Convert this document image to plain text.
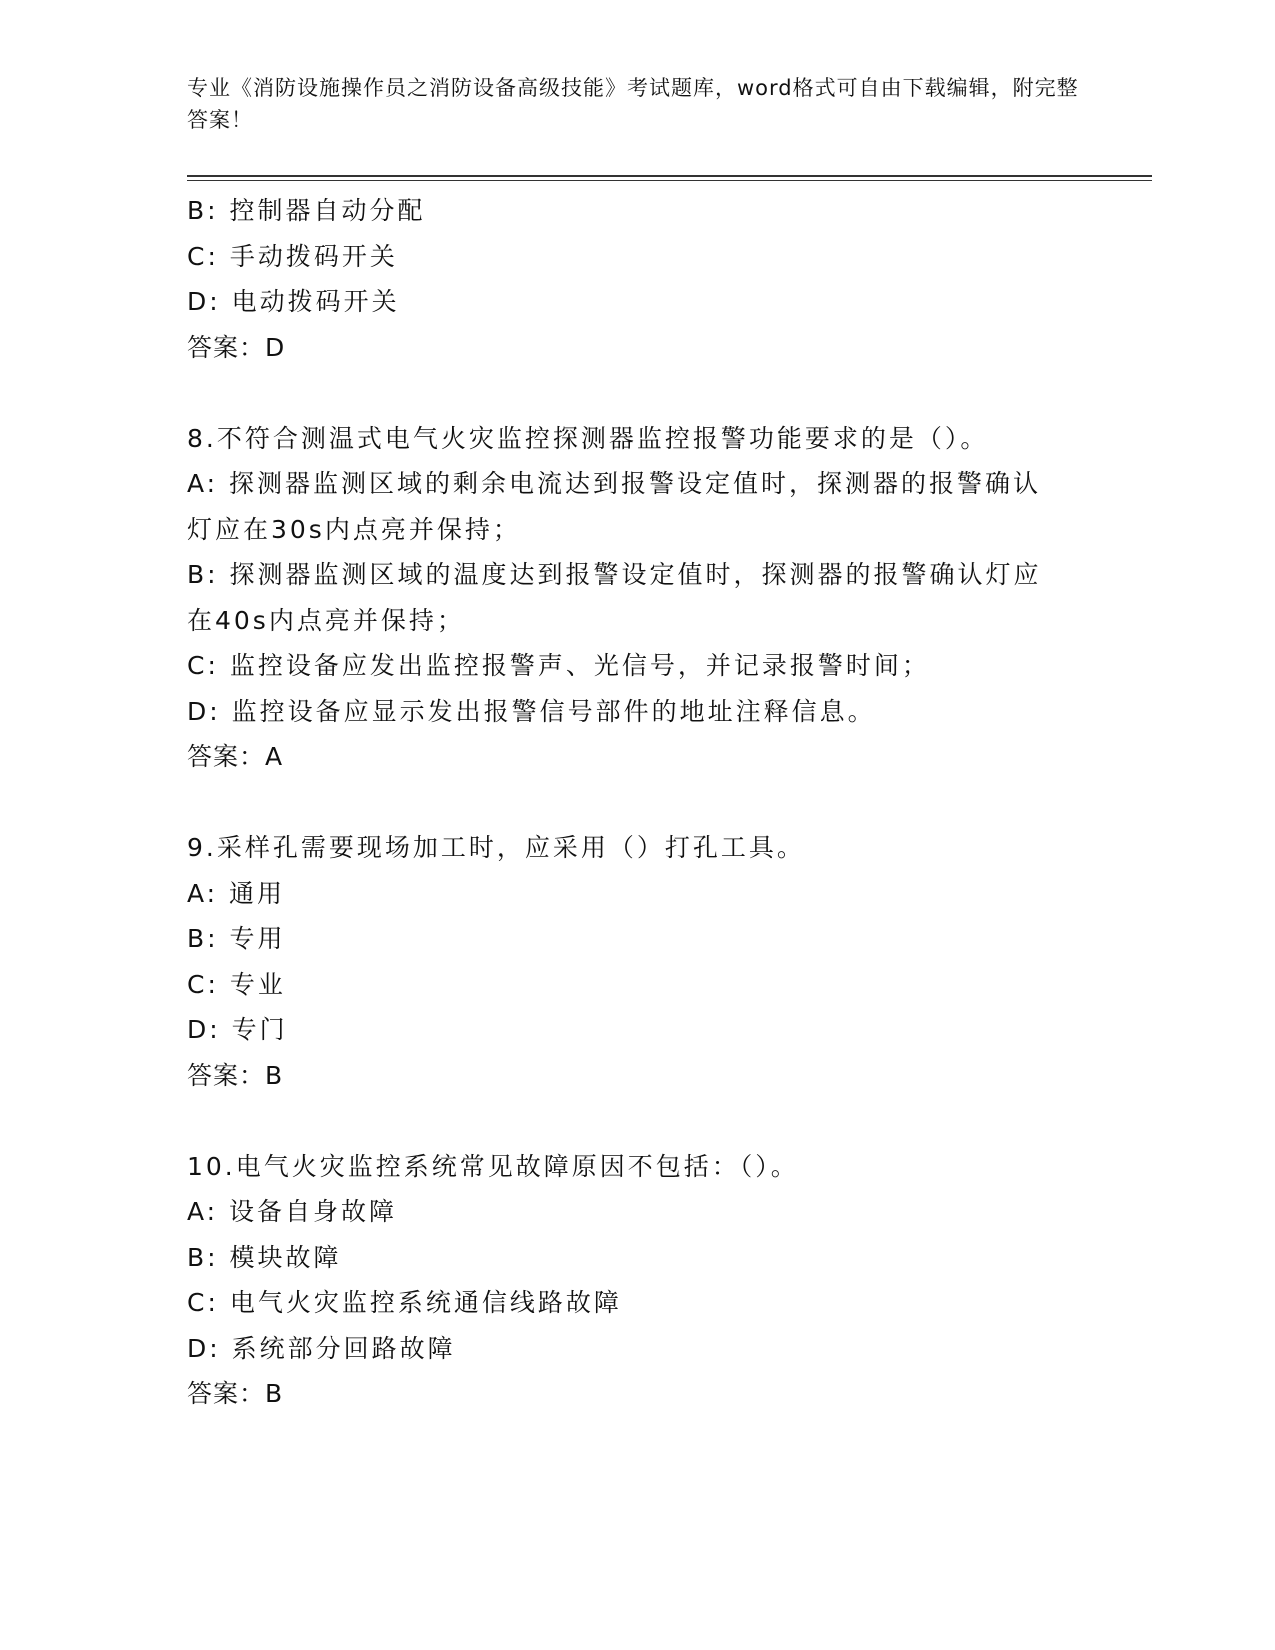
专业《消防设施操作员之消防设备高级技能》考试题库，word格式可自由下载编辑，附完整答案！
B: 控制器自动分配
C: 手动拨码开关
D: 电动拨码开关
答案：D
8.不符合测温式电气火灾监控探测器监控报警功能要求的是（）。
A: 探测器监测区域的剩余电流达到报警设定值时，探测器的报警确认
灯应在30s内点亮并保持；
B: 探测器监测区域的温度达到报警设定值时，探测器的报警确认灯应
在40s内点亮并保持；
C: 监控设备应发出监控报警声、光信号，并记录报警时间；
D: 监控设备应显示发出报警信号部件的地址注释信息。
答案：A
9.采样孔需要现场加工时，应采用（）打孔工具。
A: 通用
B: 专用
C: 专业
D: 专门
答案：B
10.电气火灾监控系统常见故障原因不包括：（）。
A: 设备自身故障
B: 模块故障
C: 电气火灾监控系统通信线路故障
D: 系统部分回路故障
答案：B
